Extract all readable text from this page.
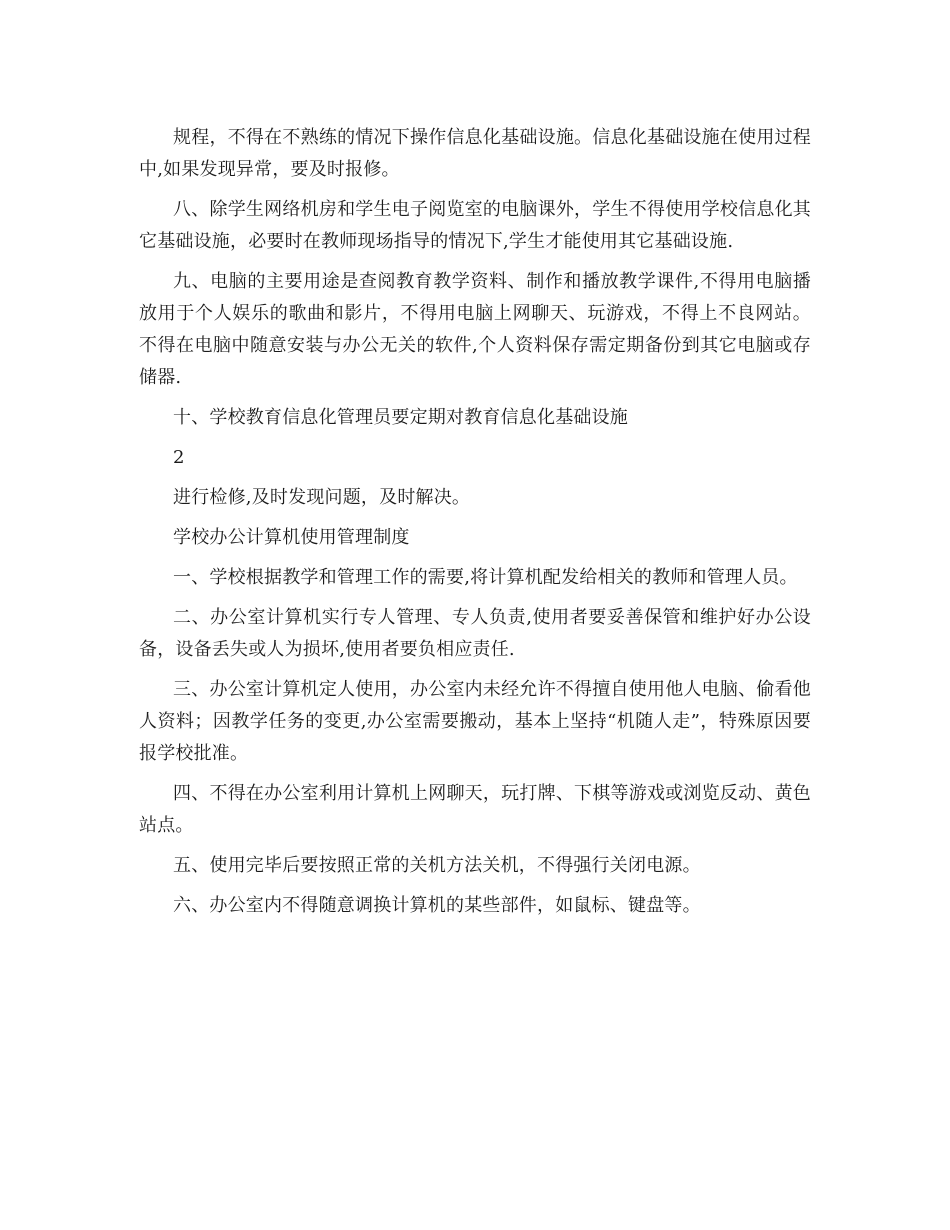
规程，不得在不熟练的情况下操作信息化基础设施。信息化基础设施在使用过程中,如果发现异常，要及时报修。

八、除学生网络机房和学生电子阅览室的电脑课外，学生不得使用学校信息化其它基础设施，必要时在教师现场指导的情况下,学生才能使用其它基础设施.

九、电脑的主要用途是查阅教育教学资料、制作和播放教学课件,不得用电脑播放用于个人娱乐的歌曲和影片，不得用电脑上网聊天、玩游戏，不得上不良网站。不得在电脑中随意安装与办公无关的软件,个人资料保存需定期备份到其它电脑或存储器.

十、学校教育信息化管理员要定期对教育信息化基础设施

2

进行检修,及时发现问题，及时解决。

学校办公计算机使用管理制度

一、学校根据教学和管理工作的需要,将计算机配发给相关的教师和管理人员。

二、办公室计算机实行专人管理、专人负责,使用者要妥善保管和维护好办公设备，设备丢失或人为损坏,使用者要负相应责任.

三、办公室计算机定人使用，办公室内未经允许不得擅自使用他人电脑、偷看他人资料；因教学任务的变更,办公室需要搬动，基本上坚持“机随人走”，特殊原因要报学校批准。

四、不得在办公室利用计算机上网聊天，玩打牌、下棋等游戏或浏览反动、黄色站点。

五、使用完毕后要按照正常的关机方法关机，不得强行关闭电源。

六、办公室内不得随意调换计算机的某些部件，如鼠标、键盘等。
